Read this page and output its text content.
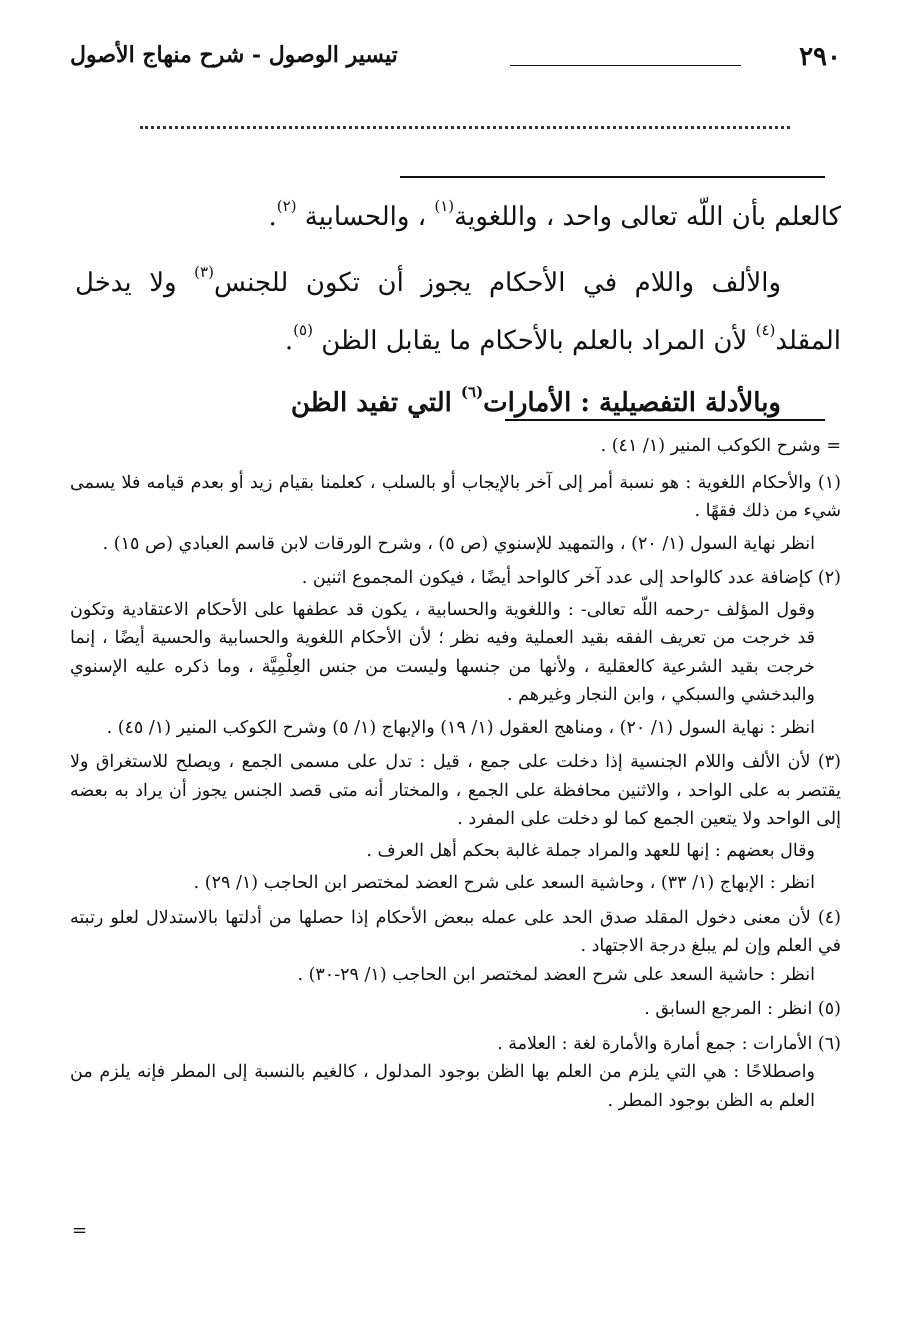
٢٩٠
تيسير الوصول - شرح منهاج الأصول

كالعلم بأن اللّه تعالى واحد ، واللغوية$^{(١)}$ ، والحسابية $^{(٢)}$.

والألف واللام في الأحكام يجوز أن تكون للجنس$^{(٣)}$ ولا يدخل المقلد$^{(٤)}$ لأن المراد بالعلم بالأحكام ما يقابل الظن $^{(٥)}$.

وبالأدلة التفصيلية : الأمارات$^{(٦)}$ التي تفيد الظن

= وشرح الكوكب المنير (١/ ٤١) .

(١) والأحكام اللغوية : هو نسبة أمر إلى آخر بالإيجاب أو بالسلب ، كعلمنا بقيام زيد أو بعدم قيامه فلا يسمى شيء من ذلك فقهًا .

انظر نهاية السول (١/ ٢٠) ، والتمهيد للإسنوي (ص ٥) ، وشرح الورقات لابن قاسم العبادي (ص ١٥) .

(٢) كإضافة عدد كالواحد إلى عدد آخر كالواحد أيضًا ، فيكون المجموع اثنين .

وقول المؤلف -رحمه اللّه تعالى- : واللغوية والحسابية ، يكون قد عطفها على الأحكام الاعتقادية وتكون قد خرجت من تعريف الفقه بقيد العملية وفيه نظر ؛ لأن الأحكام اللغوية والحسابية والحسية أيضًا ، إنما خرجت بقيد الشرعية كالعقلية ، ولأنها من جنسها وليست من جنس العِلْمِيَّة ، وما ذكره عليه الإسنوي والبدخشي والسبكي ، وابن النجار وغيرهم .

انظر : نهاية السول (١/ ٢٠) ، ومناهج العقول (١/ ١٩) والإبهاج (١/ ٥) وشرح الكوكب المنير (١/ ٤٥) .

(٣) لأن الألف واللام الجنسية إذا دخلت على جمع ، قيل : تدل على مسمى الجمع ، ويصلح للاستغراق ولا يقتصر به على الواحد ، والاثنين محافظة على الجمع ، والمختار أنه متى قصد الجنس يجوز أن يراد به بعضه إلى الواحد ولا يتعين الجمع كما لو دخلت على المفرد .

وقال بعضهم : إنها للعهد والمراد جملة غالبة بحكم أهل العرف .

انظر : الإبهاج (١/ ٣٣) ، وحاشية السعد على شرح العضد لمختصر ابن الحاجب (١/ ٢٩) .

(٤) لأن معنى دخول المقلد صدق الحد على عمله ببعض الأحكام إذا حصلها من أدلتها بالاستدلال لعلو رتبته في العلم وإن لم يبلغ درجة الاجتهاد .

انظر : حاشية السعد على شرح العضد لمختصر ابن الحاجب (١/ ٢٩-٣٠) .

(٥) انظر : المرجع السابق .

(٦) الأمارات : جمع أمارة والأمارة لغة : العلامة .

واصطلاحًا : هي التي يلزم من العلم بها الظن بوجود المدلول ، كالغيم بالنسبة إلى المطر فإنه يلزم من العلم به الظن بوجود المطر .

=
